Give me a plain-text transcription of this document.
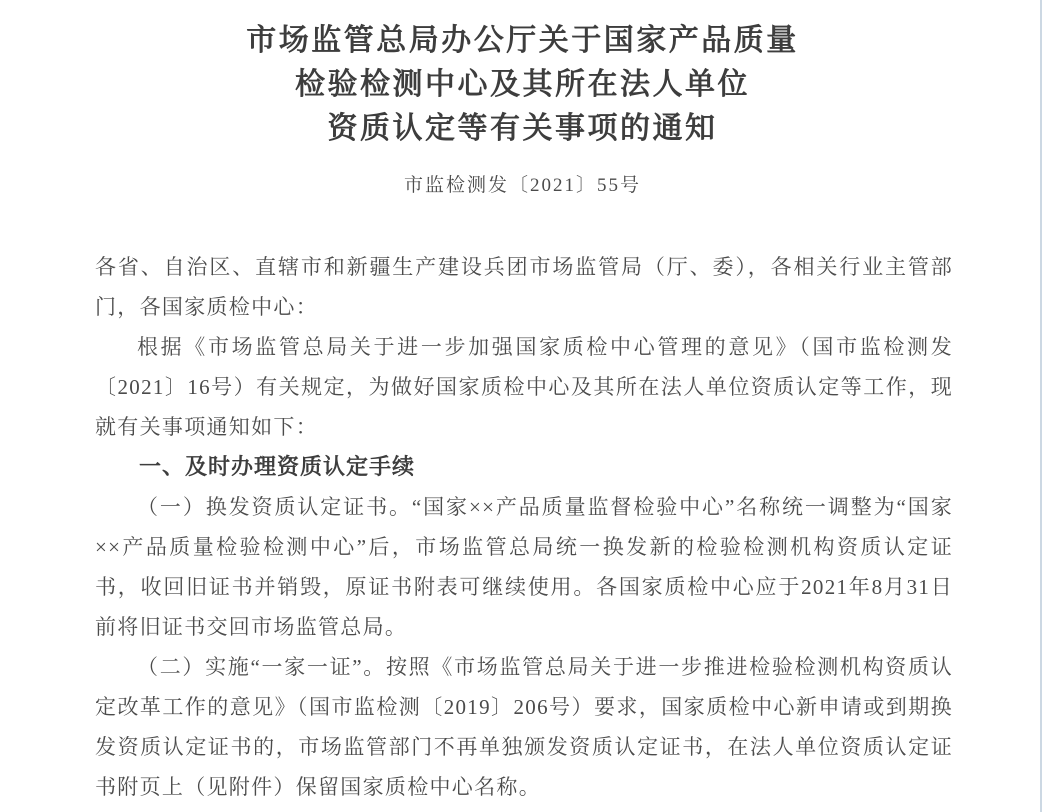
市场监管总局办公厅关于国家产品质量
检验检测中心及其所在法人单位
资质认定等有关事项的通知
市监检测发〔2021〕55号

各省、自治区、直辖市和新疆生产建设兵团市场监管局（厅、委），各相关行业主管部门，各国家质检中心：

根据《市场监管总局关于进一步加强国家质检中心管理的意见》（国市监检测发〔2021〕16号）有关规定，为做好国家质检中心及其所在法人单位资质认定等工作，现就有关事项通知如下：

一、及时办理资质认定手续

（一）换发资质认定证书。“国家××产品质量监督检验中心”名称统一调整为“国家××产品质量检验检测中心”后，市场监管总局统一换发新的检验检测机构资质认定证书，收回旧证书并销毁，原证书附表可继续使用。各国家质检中心应于2021年8月31日前将旧证书交回市场监管总局。

（二）实施“一家一证”。按照《市场监管总局关于进一步推进检验检测机构资质认定改革工作的意见》（国市监检测〔2019〕206号）要求，国家质检中心新申请或到期换发资质认定证书的，市场监管部门不再单独颁发资质认定证书，在法人单位资质认定证书附页上（见附件）保留国家质检中心名称。
